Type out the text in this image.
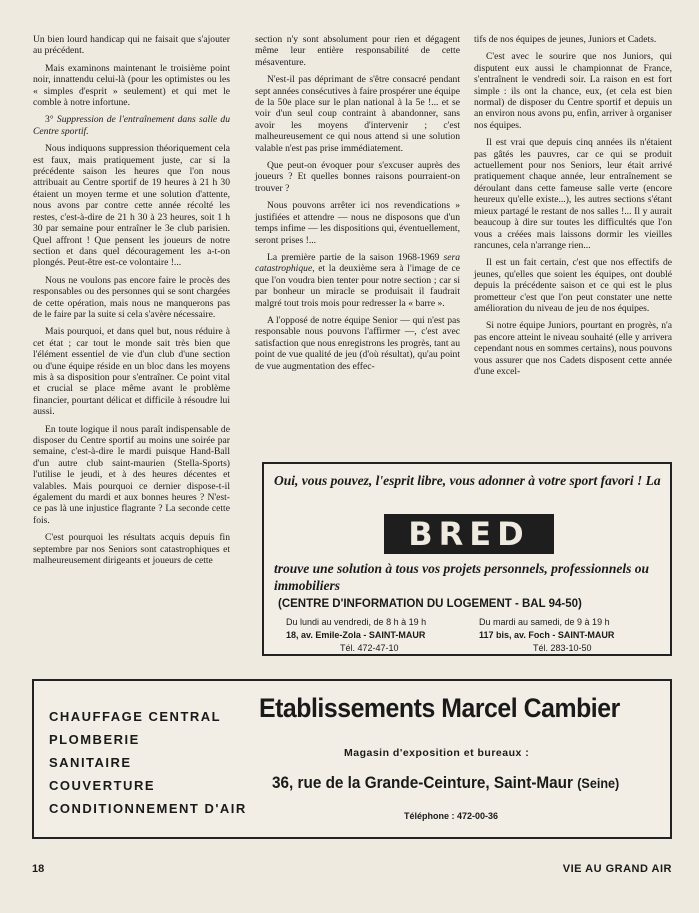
Un bien lourd handicap qui ne faisait que s'ajouter au précédent.

Mais examinons maintenant le troisième point noir, innattendu celui-là (pour les optimistes ou les « simples d'esprit » seulement) et qui met le comble à notre infortune.

3° Suppression de l'entraînement dans salle du Centre sportif.

Nous indiquons suppression théoriquement cela est faux, mais pratiquement juste, car si la précédente saison les heures que l'on nous attribuait au Centre sportif de 19 heures à 21 h 30 étaient un moyen terme et une solution d'attente, nous avons par contre cette année récolté les restes, c'est-à-dire de 21 h 30 à 23 heures, soit 1 h 30 par semaine pour entraîner le 3e club parisien. Quel affront ! Que pensent les joueurs de notre section et dans quel découragement les a-t-on plongés. Peut-être est-ce volontaire !...

Nous ne voulons pas encore faire le procès des responsables ou des personnes qui se sont chargées de cette opération, mais nous ne manquerons pas de le faire par la suite si cela s'avère nécessaire.

Mais pourquoi, et dans quel but, nous réduire à cet état ; car tout le monde sait très bien que l'élément essentiel de vie d'un club d'une section ou d'une équipe réside en un bloc dans les moyens mis à sa disposition pour s'entraîner. Ce point vital et crucial se place même avant le problème financier, pourtant délicat et difficile à résoudre lui aussi.

En toute logique il nous paraît indispensable de disposer du Centre sportif au moins une soirée par semaine, c'est-à-dire le mardi puisque Hand-Ball d'un autre club saint-maurien (Stella-Sports) l'utilise le jeudi, et à des heures décentes et valables. Mais pourquoi ce dernier dispose-t-il également du mardi et aux bonnes heures ? N'est-ce pas là une injustice flagrante ? La seconde cette fois.

C'est pourquoi les résultats acquis depuis fin septembre par nos Seniors sont catastrophiques et malheureusement dirigeants et joueurs de cette

section n'y sont absolument pour rien et dégagent même leur entière responsabilité de cette mésaventure.

N'est-il pas déprimant de s'être consacré pendant sept années consécutives à faire prospérer une équipe de la 50e place sur le plan national à la 5e !... et se voir d'un seul coup contraint à abandonner, sans avoir les moyens d'intervenir ; c'est malheureusement ce qui nous attend si une solution valable n'est pas prise immédiatement.

Que peut-on évoquer pour s'excuser auprès des joueurs ? Et quelles bonnes raisons pourraient-on trouver ?

Nous pouvons arrêter ici nos revendications » justifiées et attendre — nous ne disposons que d'un temps infime — les dispositions qui, éventuellement, seront prises !...

La première partie de la saison 1968-1969 sera catastrophique, et la deuxième sera à l'image de ce que l'on voudra bien tenter pour notre section ; car si par bonheur un miracle se produisait il faudrait malgré tout trois mois pour redresser la « barre ».

A l'opposé de notre équipe Senior — qui n'est pas responsable nous pouvons l'affirmer —, c'est avec satisfaction que nous enregistrons les progrès, tant au point de vue qualité de jeu (d'où résultat), qu'au point de vue augmentation des effec-

tifs de nos équipes de jeunes, Juniors et Cadets.

C'est avec le sourire que nos Juniors, qui disputent eux aussi le championnat de France, s'entraînent le vendredi soir. La raison en est fort simple : ils ont la chance, eux, (et cela est bien normal) de disposer du Centre sportif et depuis un an environ nous avons pu, enfin, arriver à organiser nos équipes.

Il est vrai que depuis cinq années ils n'étaient pas gâtés les pauvres, car ce qui se produit actuellement pour nos Seniors, leur était arrivé pratiquement chaque année, leur entraînement se déroulant dans cette fameuse salle verte (encore heureux qu'elle existe...), les autres sections s'étant mieux partagé le restant de nos salles !... Il y aurait beaucoup à dire sur toutes les difficultés que l'on vous a créées mais laissons dormir les vieilles rancunes, cela n'arrange rien...

Il est un fait certain, c'est que nos effectifs de jeunes, qu'elles que soient les équipes, ont doublé depuis la précédente saison et ce qui est le plus prometteur c'est que l'on peut constater une nette amélioration du niveau de jeu de nos équipes.

Si notre équipe Juniors, pourtant en progrès, n'a pas encore atteint le niveau souhaité (elle y arrivera cependant nous en sommes certains), nous pouvons vous assurer que nos Cadets disposent cette année d'une excel-

Oui, vous pouvez, l'esprit libre, vous adonner à votre sport favori ! La
BRED
trouve une solution à tous vos projets personnels, professionnels ou immobiliers
(CENTRE D'INFORMATION DU LOGEMENT - BAL 94-50)
Du lundi au vendredi, de 8 h à 19 h
18, av. Emile-Zola - SAINT-MAUR
Tél. 472-47-10
Du mardi au samedi, de 9 à 19 h
117 bis, av. Foch - SAINT-MAUR
Tél. 283-10-50
CHAUFFAGE CENTRAL
PLOMBERIE
SANITAIRE
COUVERTURE
CONDITIONNEMENT D'AIR
Etablissements Marcel Cambier
Magasin d'exposition et bureaux :
36, rue de la Grande-Ceinture, Saint-Maur (Seine)
Téléphone : 472-00-36
18	VIE AU GRAND AIR
